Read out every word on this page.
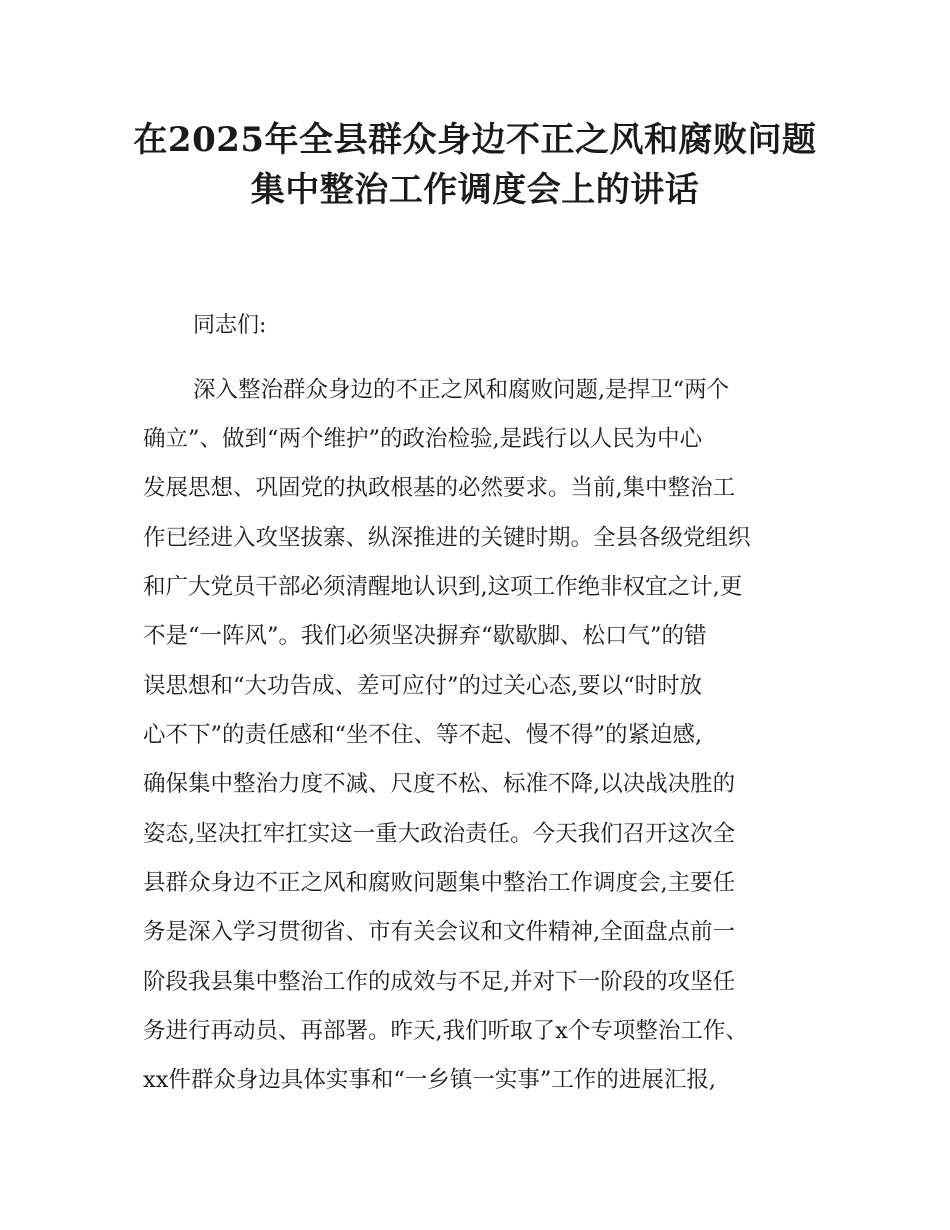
在2025年全县群众身边不正之风和腐败问题
集中整治工作调度会上的讲话

同志们:

深入整治群众身边的不正之风和腐败问题,是捍卫“两个

确立”、做到“两个维护”的政治检验,是践行以人民为中心

发展思想、巩固党的执政根基的必然要求。当前,集中整治工

作已经进入攻坚拔寨、纵深推进的关键时期。全县各级党组织

和广大党员干部必须清醒地认识到,这项工作绝非权宜之计,更

不是“一阵风”。我们必须坚决摒弃“歇歇脚、松口气”的错

误思想和“大功告成、差可应付”的过关心态,要以“时时放

心不下”的责任感和“坐不住、等不起、慢不得”的紧迫感,

确保集中整治力度不减、尺度不松、标准不降,以决战决胜的

姿态,坚决扛牢扛实这一重大政治责任。今天我们召开这次全

县群众身边不正之风和腐败问题集中整治工作调度会,主要任

务是深入学习贯彻省、市有关会议和文件精神,全面盘点前一

阶段我县集中整治工作的成效与不足,并对下一阶段的攻坚任

务进行再动员、再部署。昨天,我们听取了x个专项整治工作、

xx件群众身边具体实事和“一乡镇一实事”工作的进展汇报,
